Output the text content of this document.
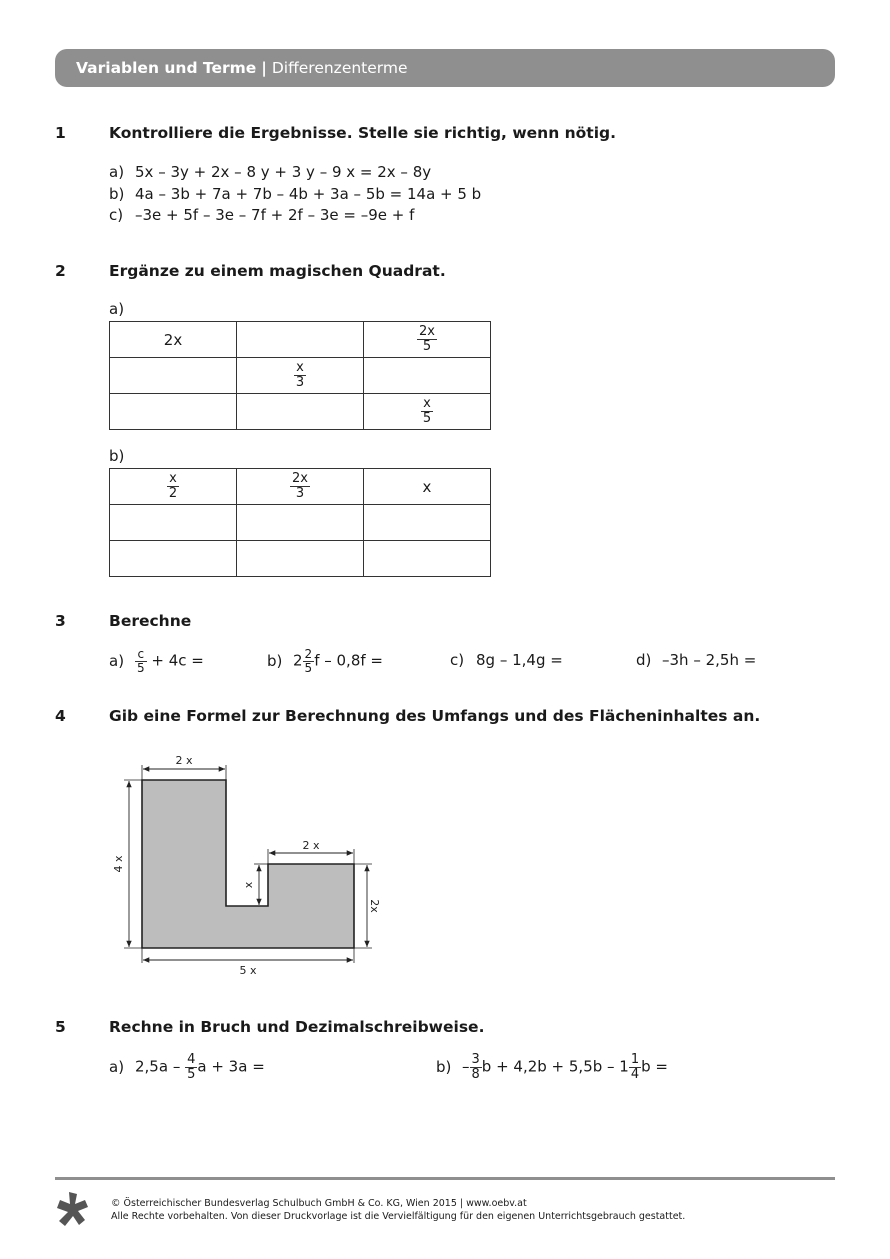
Variablen und Terme | Differenzenterme
1	Kontrolliere die Ergebnisse. Stelle sie richtig, wenn nötig.
a) 5x – 3y + 2x – 8 y + 3 y – 9 x = 2x – 8y
b) 4a – 3b + 7a + 7b – 4b + 3a – 5b = 14a + 5 b
c) –3e + 5f – 3e – 7f + 2f – 3e = –9e + f
2	Ergänze zu einem magischen Quadrat.
a)
2x		$\frac{2x}{5}$

	$\frac{x}{3}$

		$\frac{x}{5}$
b)
$\frac{x}{2}$	$\frac{2x}{3}$	x

3	Berechne
$a) \frac{c}{5} + 4c$ =	b) $2 \frac{2}{5}$ f – 0,8f =	c) 8g – 1,4g =	d) –3h – 2,5h =
4	Gib eine Formel zur Berechnung des Umfangs und des Flächeninhaltes an.
2 x
4 x
2 x
x
2x
5 x
5	Rechne in Bruch und Dezimalschreibweise.
a) $2,5a - \frac{4}{5}$ a + 3a =	$b) - \frac{3}{8}$ $b + 4,2b + 5,5b - 1 \frac{1}{4}$ b =
© Österreichischer Bundesverlag Schulbuch GmbH & Co. KG, Wien 2015 | www.oebv.at
Alle Rechte vorbehalten. Von dieser Druckvorlage ist die Vervielfältigung für den eigenen Unterrichtsgebrauch gestattet.
